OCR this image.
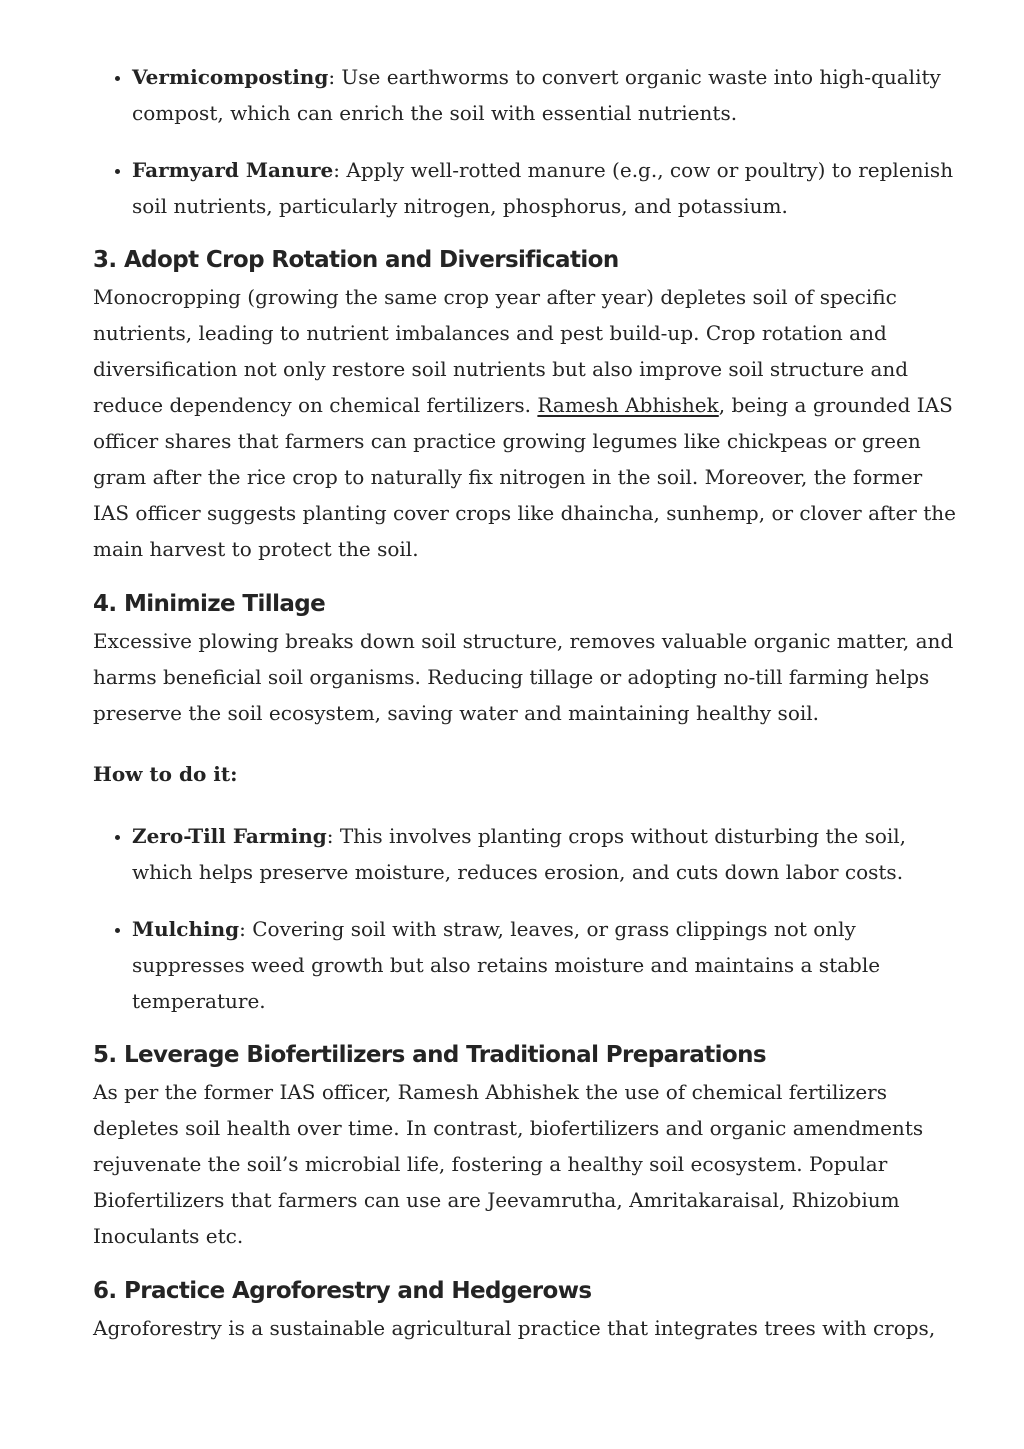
• Vermicomposting: Use earthworms to convert organic waste into high-quality compost, which can enrich the soil with essential nutrients.
• Farmyard Manure: Apply well-rotted manure (e.g., cow or poultry) to replenish soil nutrients, particularly nitrogen, phosphorus, and potassium.
3. Adopt Crop Rotation and Diversification

Monocropping (growing the same crop year after year) depletes soil of specific nutrients, leading to nutrient imbalances and pest build-up. Crop rotation and diversification not only restore soil nutrients but also improve soil structure and reduce dependency on chemical fertilizers. Ramesh Abhishek, being a grounded IAS officer shares that farmers can practice growing legumes like chickpeas or green gram after the rice crop to naturally fix nitrogen in the soil. Moreover, the former IAS officer suggests planting cover crops like dhaincha, sunhemp, or clover after the main harvest to protect the soil.

4. Minimize Tillage

Excessive plowing breaks down soil structure, removes valuable organic matter, and harms beneficial soil organisms. Reducing tillage or adopting no-till farming helps preserve the soil ecosystem, saving water and maintaining healthy soil.

How to do it:

• Zero-Till Farming: This involves planting crops without disturbing the soil, which helps preserve moisture, reduces erosion, and cuts down labor costs.
• Mulching: Covering soil with straw, leaves, or grass clippings not only suppresses weed growth but also retains moisture and maintains a stable temperature.
5. Leverage Biofertilizers and Traditional Preparations

As per the former IAS officer, Ramesh Abhishek the use of chemical fertilizers depletes soil health over time. In contrast, biofertilizers and organic amendments rejuvenate the soil’s microbial life, fostering a healthy soil ecosystem. Popular Biofertilizers that farmers can use are Jeevamrutha, Amritakaraisal, Rhizobium Inoculants etc.

6. Practice Agroforestry and Hedgerows

Agroforestry is a sustainable agricultural practice that integrates trees with crops,
